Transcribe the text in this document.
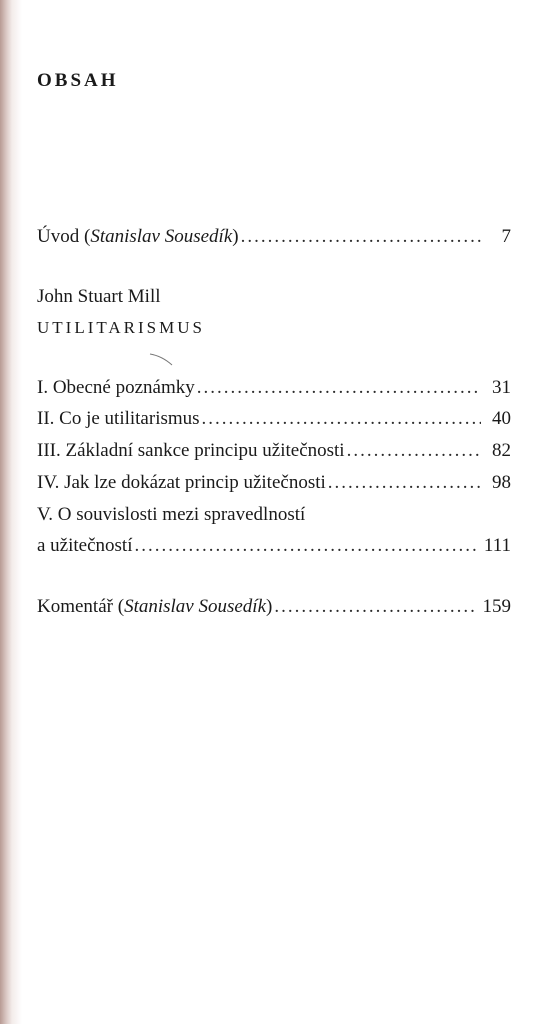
OBSAH
Úvod (Stanislav Sousedík) .....	7
John Stuart Mill
UTILITARISMUS
I. Obecné poznámky .....	31
II. Co je utilitarismus .....	40
III. Základní sankce principu užitečnosti .....	82
IV. Jak lze dokázat princip užitečnosti .....	98
V. O souvislosti mezi spravedlností
a užitečností .....	111
Komentář (Stanislav Sousedík) .....	159
